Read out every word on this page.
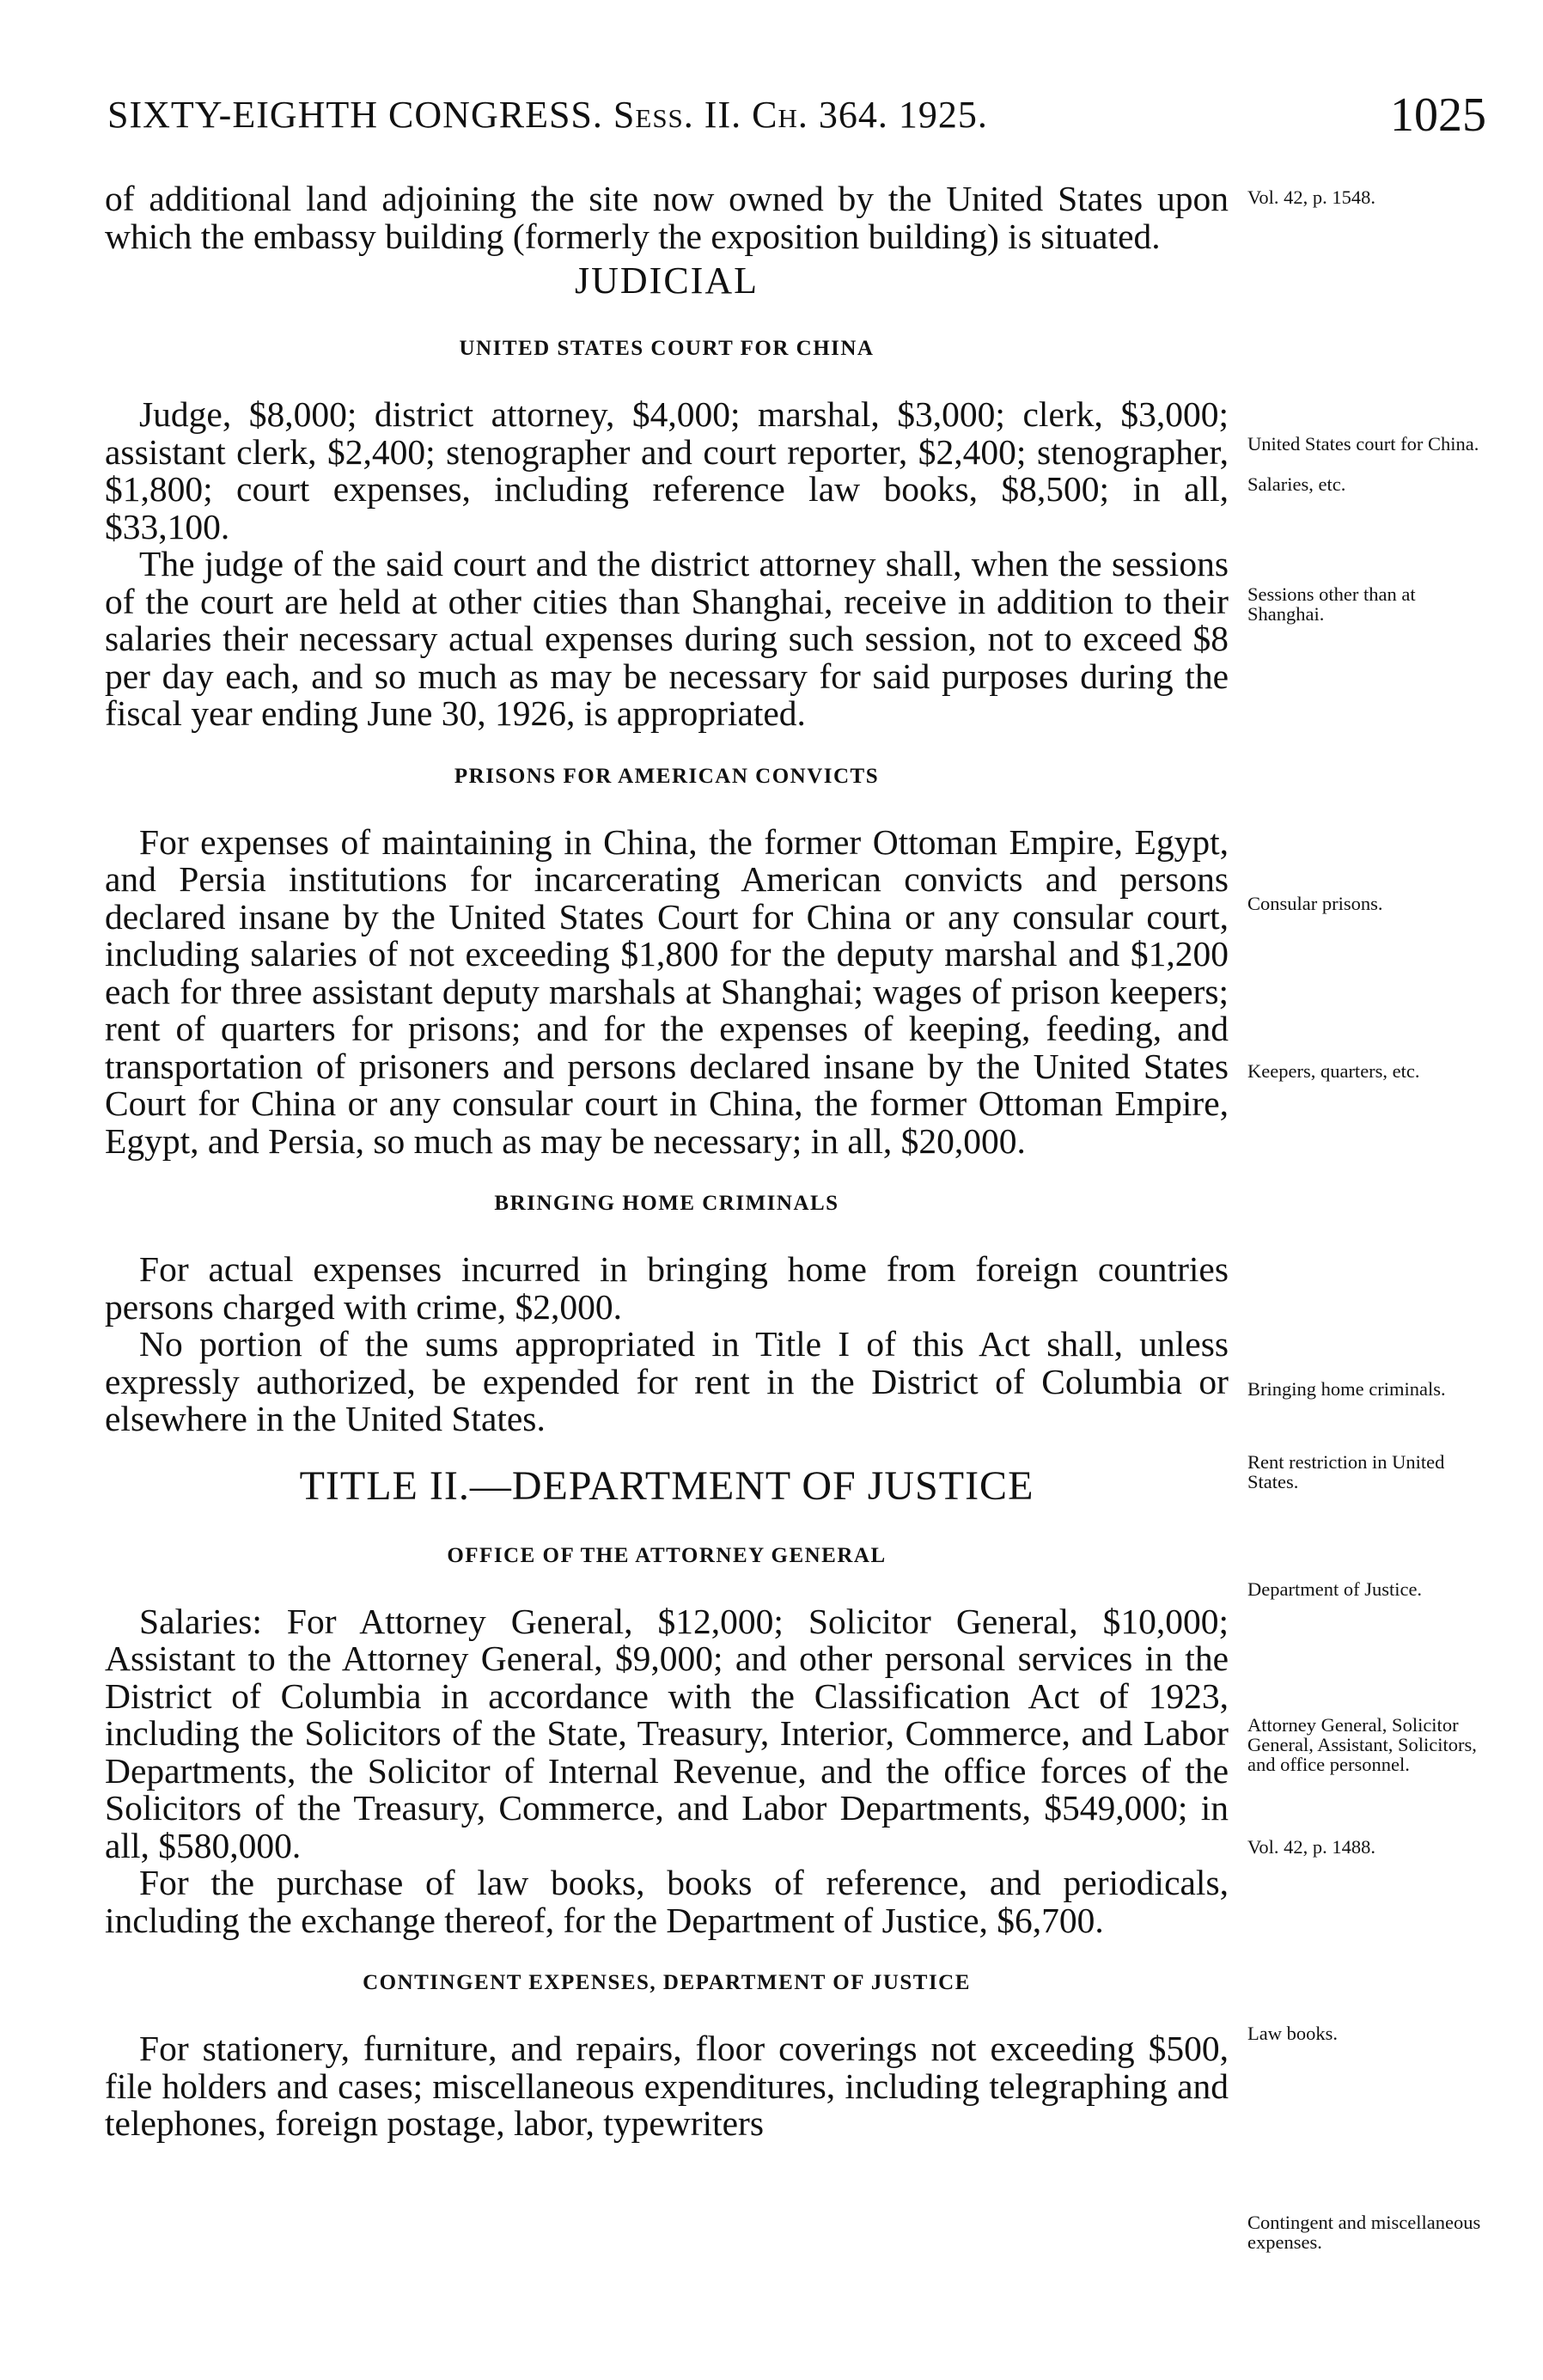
SIXTY-EIGHTH CONGRESS. Sess. II. Ch. 364. 1925.	1025

of additional land adjoining the site now owned by the United States upon which the embassy building (formerly the exposition building) is situated.

JUDICIAL
UNITED STATES COURT FOR CHINA

Judge, $8,000; district attorney, $4,000; marshal, $3,000; clerk, $3,000; assistant clerk, $2,400; stenographer and court reporter, $2,400; stenographer, $1,800; court expenses, including reference law books, $8,500; in all, $33,100.

The judge of the said court and the district attorney shall, when the sessions of the court are held at other cities than Shanghai, receive in addition to their salaries their necessary actual expenses during such session, not to exceed $8 per day each, and so much as may be necessary for said purposes during the fiscal year ending June 30, 1926, is appropriated.

PRISONS FOR AMERICAN CONVICTS

For expenses of maintaining in China, the former Ottoman Empire, Egypt, and Persia institutions for incarcerating American convicts and persons declared insane by the United States Court for China or any consular court, including salaries of not exceeding $1,800 for the deputy marshal and $1,200 each for three assistant deputy marshals at Shanghai; wages of prison keepers; rent of quarters for prisons; and for the expenses of keeping, feeding, and transportation of prisoners and persons declared insane by the United States Court for China or any consular court in China, the former Ottoman Empire, Egypt, and Persia, so much as may be necessary; in all, $20,000.

BRINGING HOME CRIMINALS

For actual expenses incurred in bringing home from foreign countries persons charged with crime, $2,000.

No portion of the sums appropriated in Title I of this Act shall, unless expressly authorized, be expended for rent in the District of Columbia or elsewhere in the United States.

TITLE II.—DEPARTMENT OF JUSTICE
OFFICE OF THE ATTORNEY GENERAL

Salaries: For Attorney General, $12,000; Solicitor General, $10,000; Assistant to the Attorney General, $9,000; and other personal services in the District of Columbia in accordance with the Classification Act of 1923, including the Solicitors of the State, Treasury, Interior, Commerce, and Labor Departments, the Solicitor of Internal Revenue, and the office forces of the Solicitors of the Treasury, Commerce, and Labor Departments, $549,000; in all, $580,000.

For the purchase of law books, books of reference, and periodicals, including the exchange thereof, for the Department of Justice, $6,700.

CONTINGENT EXPENSES, DEPARTMENT OF JUSTICE

For stationery, furniture, and repairs, floor coverings not exceeding $500, file holders and cases; miscellaneous expenditures, including telegraphing and telephones, foreign postage, labor, typewriters

Vol. 42, p. 1548.
United States court for China.
Salaries, etc.
Sessions other than at Shanghai.
Consular prisons.
Keepers, quarters, etc.
Bringing home criminals.
Rent restriction in United States.
Department of Justice.
Attorney General, Solicitor General, Assistant, Solicitors, and office personnel.
Vol. 42, p. 1488.
Law books.
Contingent and miscellaneous expenses.
